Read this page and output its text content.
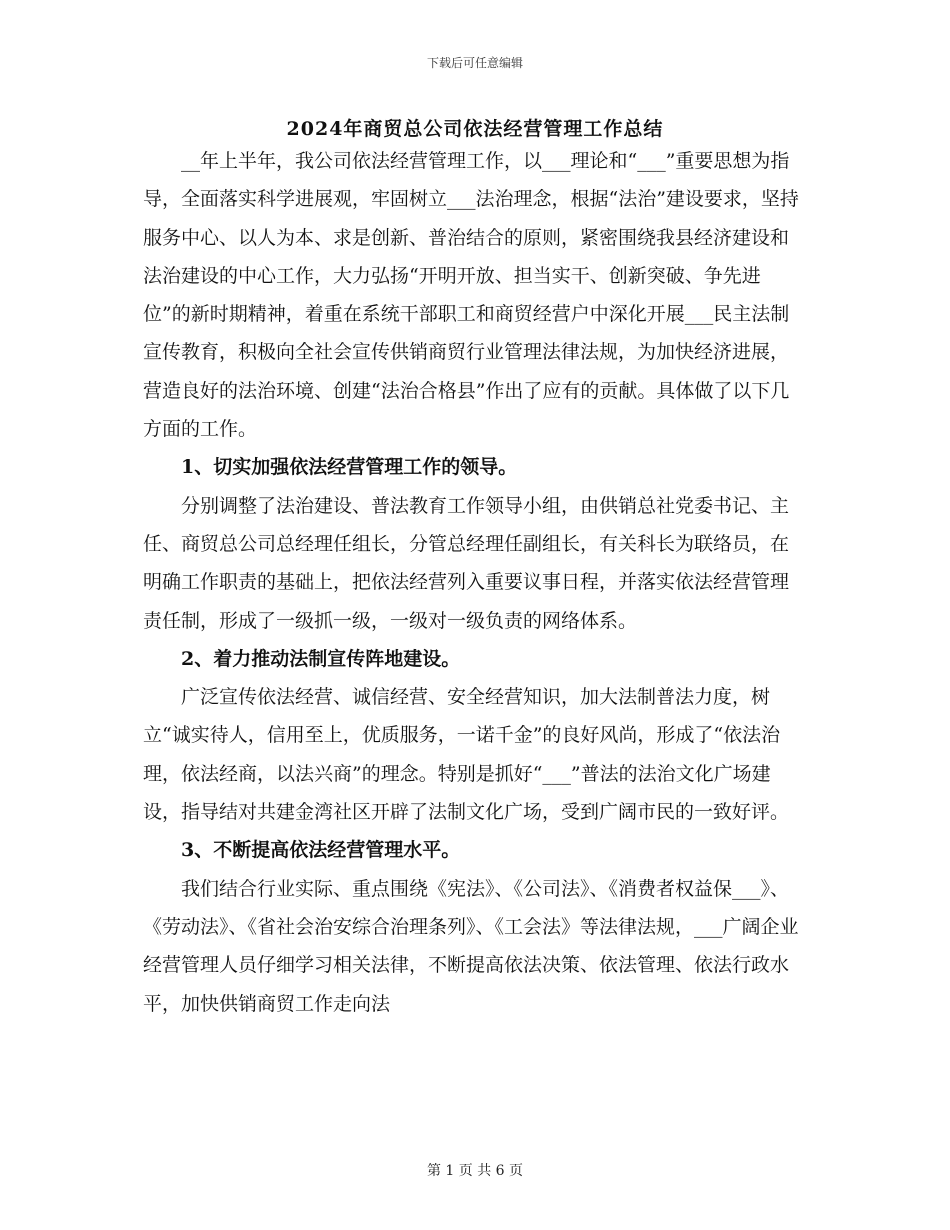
下载后可任意编辑
2024年商贸总公司依法经营管理工作总结

__年上半年，我公司依法经营管理工作，以___理论和“___”重要思想为指导，全面落实科学进展观，牢固树立___法治理念，根据“法治”建设要求，坚持服务中心、以人为本、求是创新、普治结合的原则，紧密围绕我县经济建设和法治建设的中心工作，大力弘扬“开明开放、担当实干、创新突破、争先进位”的新时期精神，着重在系统干部职工和商贸经营户中深化开展___民主法制宣传教育，积极向全社会宣传供销商贸行业管理法律法规，为加快经济进展，营造良好的法治环境、创建“法治合格县”作出了应有的贡献。具体做了以下几方面的工作。

1、切实加强依法经营管理工作的领导。

分别调整了法治建设、普法教育工作领导小组，由供销总社党委书记、主任、商贸总公司总经理任组长，分管总经理任副组长，有关科长为联络员，在明确工作职责的基础上，把依法经营列入重要议事日程，并落实依法经营管理责任制，形成了一级抓一级，一级对一级负责的网络体系。

2、着力推动法制宣传阵地建设。

广泛宣传依法经营、诚信经营、安全经营知识，加大法制普法力度，树立“诚实待人，信用至上，优质服务，一诺千金”的良好风尚，形成了“依法治理，依法经商，以法兴商”的理念。特别是抓好“___”普法的法治文化广场建设，指导结对共建金湾社区开辟了法制文化广场，受到广阔市民的一致好评。

3、不断提高依法经营管理水平。

我们结合行业实际、重点围绕《宪法》、《公司法》、《消费者权益保___》、《劳动法》、《省社会治安综合治理条列》、《工会法》等法律法规，___广阔企业经营管理人员仔细学习相关法律，不断提高依法决策、依法管理、依法行政水平，加快供销商贸工作走向法

第 1 页 共 6 页
